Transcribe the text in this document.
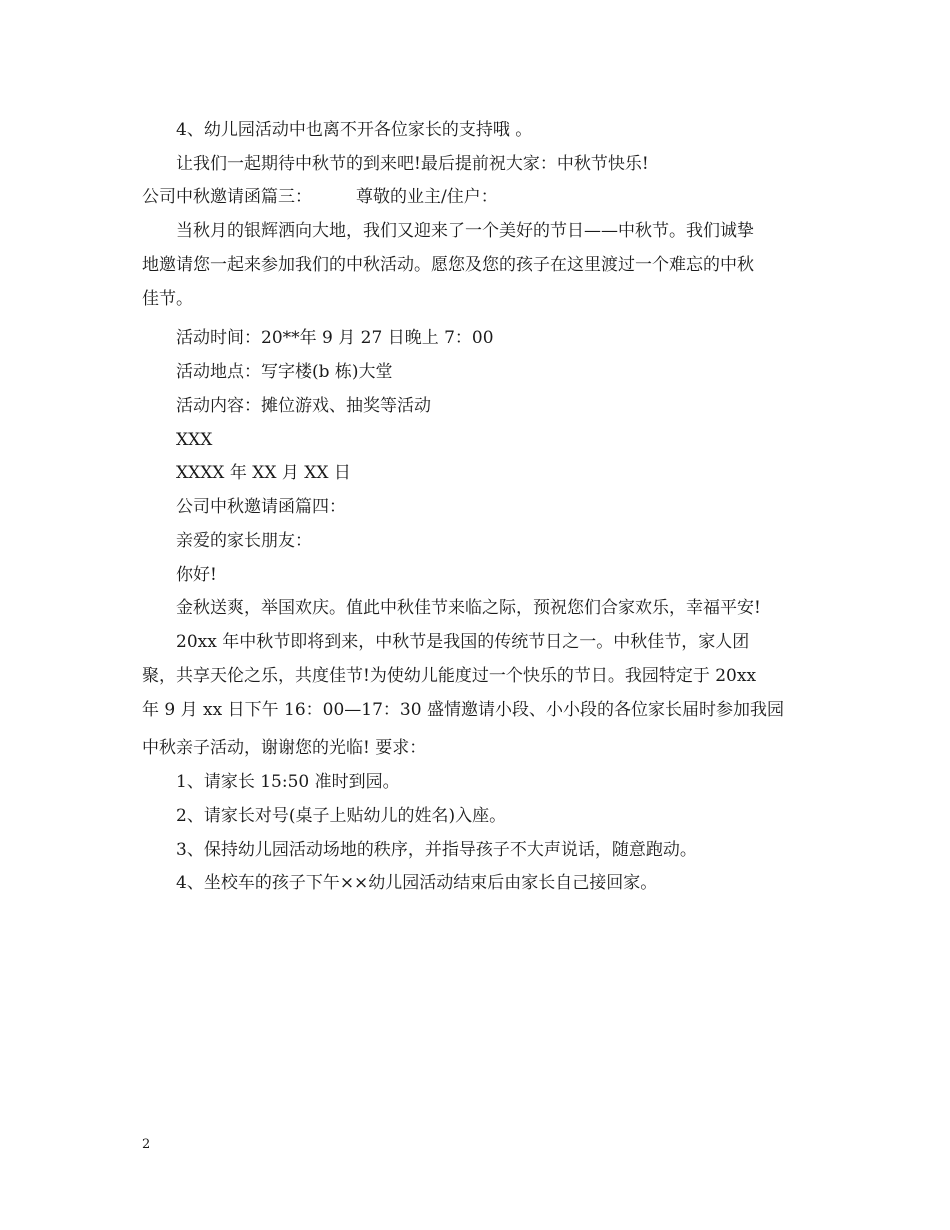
4、幼儿园活动中也离不开各位家长的支持哦 。
让我们一起期待中秋节的到来吧!最后提前祝大家：中秋节快乐!
公司中秋邀请函篇三：	尊敬的业主/住户：
当秋月的银辉洒向大地，我们又迎来了一个美好的节日——中秋节。我们诚挚
地邀请您一起来参加我们的中秋活动。愿您及您的孩子在这里渡过一个难忘的中秋
佳节。
活动时间：20**年 9 月 27 日晚上 7：00
活动地点：写字楼(b 栋)大堂
活动内容：摊位游戏、抽奖等活动
XXX
XXXX 年 XX 月 XX 日
公司中秋邀请函篇四：
亲爱的家长朋友：
你好!
金秋送爽，举国欢庆。值此中秋佳节来临之际，预祝您们合家欢乐，幸福平安!
20xx 年中秋节即将到来，中秋节是我国的传统节日之一。中秋佳节，家人团
聚，共享天伦之乐，共度佳节!为使幼儿能度过一个快乐的节日。我园特定于 20xx
年 9 月 xx 日下午 16：00—17：30 盛情邀请小段、小小段的各位家长届时参加我园
中秋亲子活动，谢谢您的光临! 要求：
1、请家长 15:50 准时到园。
2、请家长对号(桌子上贴幼儿的姓名)入座。
3、保持幼儿园活动场地的秩序，并指导孩子不大声说话，随意跑动。
4、坐校车的孩子下午××幼儿园活动结束后由家长自己接回家。
2
